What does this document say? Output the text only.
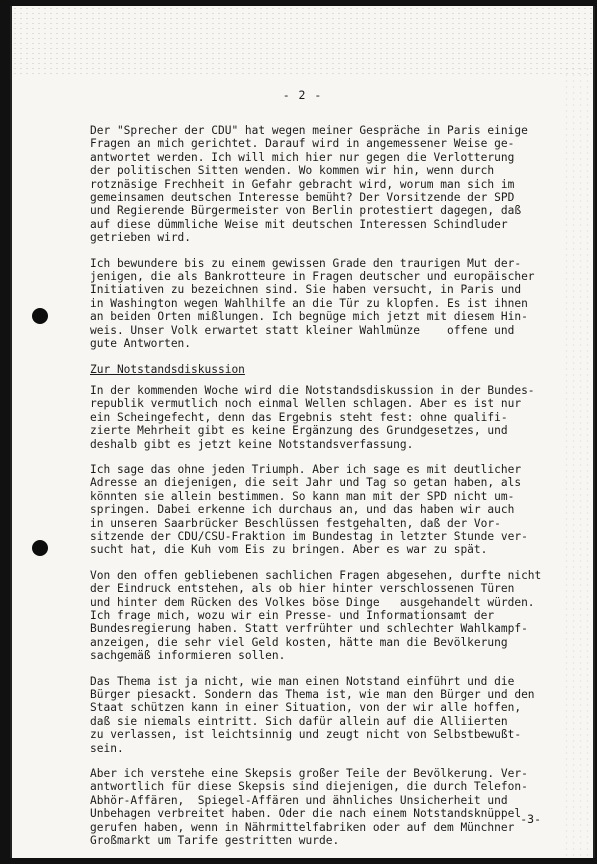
- 2 -
Der "Sprecher der CDU" hat wegen meiner Gespräche in Paris einige
Fragen an mich gerichtet. Darauf wird in angemessener Weise ge-
antwortet werden. Ich will mich hier nur gegen die Verlotterung
der politischen Sitten wenden. Wo kommen wir hin, wenn durch
rotznäsige Frechheit in Gefahr gebracht wird, worum man sich im
gemeinsamen deutschen Interesse bemüht? Der Vorsitzende der SPD
und Regierende Bürgermeister von Berlin protestiert dagegen, daß
auf diese dümmliche Weise mit deutschen Interessen Schindluder
getrieben wird.
Ich bewundere bis zu einem gewissen Grade den traurigen Mut der-
jenigen, die als Bankrotteure in Fragen deutscher und europäischer
Initiativen zu bezeichnen sind. Sie haben versucht, in Paris und
in Washington wegen Wahlhilfe an die Tür zu klopfen. Es ist ihnen
an beiden Orten mißlungen. Ich begnüge mich jetzt mit diesem Hin-
weis. Unser Volk erwartet statt kleiner Wahlmünze    offene und
gute Antworten.
Zur Notstandsdiskussion
In der kommenden Woche wird die Notstandsdiskussion in der Bundes-
republik vermutlich noch einmal Wellen schlagen. Aber es ist nur
ein Scheingefecht, denn das Ergebnis steht fest: ohne qualifi-
zierte Mehrheit gibt es keine Ergänzung des Grundgesetzes, und
deshalb gibt es jetzt keine Notstandsverfassung.
Ich sage das ohne jeden Triumph. Aber ich sage es mit deutlicher
Adresse an diejenigen, die seit Jahr und Tag so getan haben, als
könnten sie allein bestimmen. So kann man mit der SPD nicht um-
springen. Dabei erkenne ich durchaus an, und das haben wir auch
in unseren Saarbrücker Beschlüssen festgehalten, daß der Vor-
sitzende der CDU/CSU-Fraktion im Bundestag in letzter Stunde ver-
sucht hat, die Kuh vom Eis zu bringen. Aber es war zu spät.
Von den offen gebliebenen sachlichen Fragen abgesehen, durfte nicht
der Eindruck entstehen, als ob hier hinter verschlossenen Türen
und hinter dem Rücken des Volkes böse Dinge   ausgehandelt würden.
Ich frage mich, wozu wir ein Presse- und Informationsamt der
Bundesregierung haben. Statt verfrühter und schlechter Wahlkampf-
anzeigen, die sehr viel Geld kosten, hätte man die Bevölkerung
sachgemäß informieren sollen.
Das Thema ist ja nicht, wie man einen Notstand einführt und die
Bürger piesackt. Sondern das Thema ist, wie man den Bürger und den
Staat schützen kann in einer Situation, von der wir alle hoffen,
daß sie niemals eintritt. Sich dafür allein auf die Alliierten
zu verlassen, ist leichtsinnig und zeugt nicht von Selbstbewußt-
sein.
Aber ich verstehe eine Skepsis großer Teile der Bevölkerung. Ver-
antwortlich für diese Skepsis sind diejenigen, die durch Telefon-
Abhör-Affären,  Spiegel-Affären und ähnliches Unsicherheit und
Unbehagen verbreitet haben. Oder die nach einem Notstandsknüppel
gerufen haben, wenn in Nährmittelfabriken oder auf dem Münchner
Großmarkt um Tarife gestritten wurde.
-3-
